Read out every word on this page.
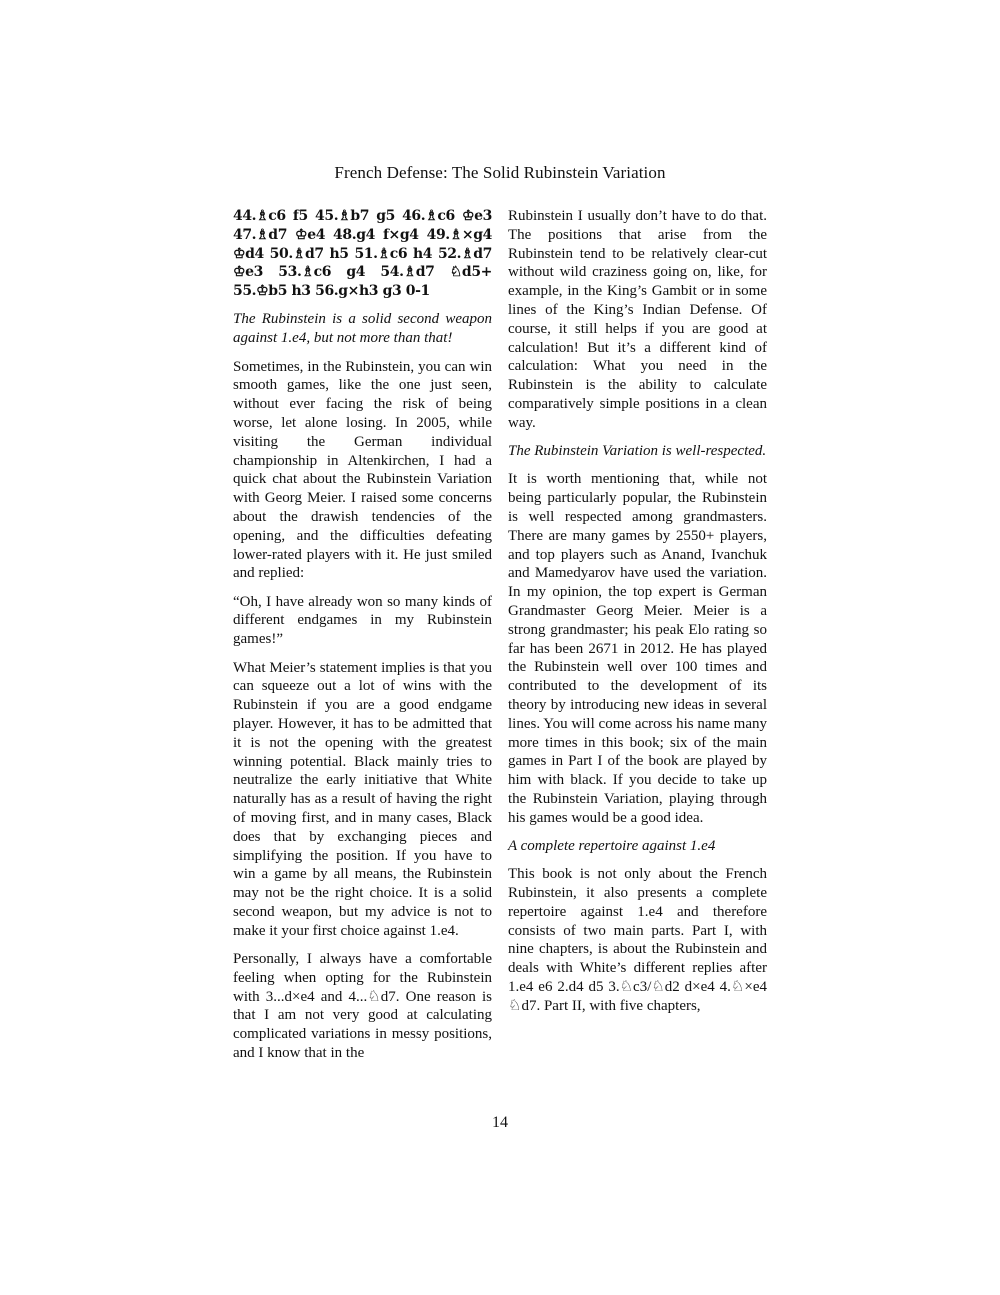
French Defense: The Solid Rubinstein Variation

44.♗c6 f5 45.♗b7 g5 46.♗c6 ♔e3 47.♗d7 ♔e4 48.g4 f×g4 49.♗×g4 ♔d4 50.♗d7 h5 51.♗c6 h4 52.♗d7 ♔e3 53.♗c6 g4 54.♗d7 ♘d5+ 55.♔b5 h3 56.g×h3 g3 0-1

The Rubinstein is a solid second weapon against 1.e4, but not more than that!

Sometimes, in the Rubinstein, you can win smooth games, like the one just seen, without ever facing the risk of being worse, let alone losing. In 2005, while visiting the German individual championship in Altenkirchen, I had a quick chat about the Rubinstein Variation with Georg Meier. I raised some concerns about the drawish tendencies of the opening, and the difficulties defeating lower-rated players with it. He just smiled and replied:

“Oh, I have already won so many kinds of different endgames in my Rubinstein games!”

What Meier’s statement implies is that you can squeeze out a lot of wins with the Rubinstein if you are a good endgame player. However, it has to be admitted that it is not the opening with the greatest winning potential. Black mainly tries to neutralize the early initiative that White naturally has as a result of having the right of moving first, and in many cases, Black does that by exchanging pieces and simplifying the position. If you have to win a game by all means, the Rubinstein may not be the right choice. It is a solid second weapon, but my advice is not to make it your first choice against 1.e4.

Personally, I always have a comfortable feeling when opting for the Rubinstein with 3...d×e4 and 4...♘d7. One reason is that I am not very good at calculating complicated variations in messy positions, and I know that in the

Rubinstein I usually don’t have to do that. The positions that arise from the Rubinstein tend to be relatively clear-cut without wild craziness going on, like, for example, in the King’s Gambit or in some lines of the King’s Indian Defense. Of course, it still helps if you are good at calculation! But it’s a different kind of calculation: What you need in the Rubinstein is the ability to calculate comparatively simple positions in a clean way.

The Rubinstein Variation is well-respected.

It is worth mentioning that, while not being particularly popular, the Rubinstein is well respected among grandmasters. There are many games by 2550+ players, and top players such as Anand, Ivanchuk and Mamedyarov have used the variation. In my opinion, the top expert is German Grandmaster Georg Meier. Meier is a strong grandmaster; his peak Elo rating so far has been 2671 in 2012. He has played the Rubinstein well over 100 times and contributed to the development of its theory by introducing new ideas in several lines. You will come across his name many more times in this book; six of the main games in Part I of the book are played by him with black. If you decide to take up the Rubinstein Variation, playing through his games would be a good idea.

A complete repertoire against 1.e4

This book is not only about the French Rubinstein, it also presents a complete repertoire against 1.e4 and therefore consists of two main parts. Part I, with nine chapters, is about the Rubinstein and deals with White’s different replies after 1.e4 e6 2.d4 d5 3.♘c3/♘d2 d×e4 4.♘×e4 ♘d7. Part II, with five chapters,

14
